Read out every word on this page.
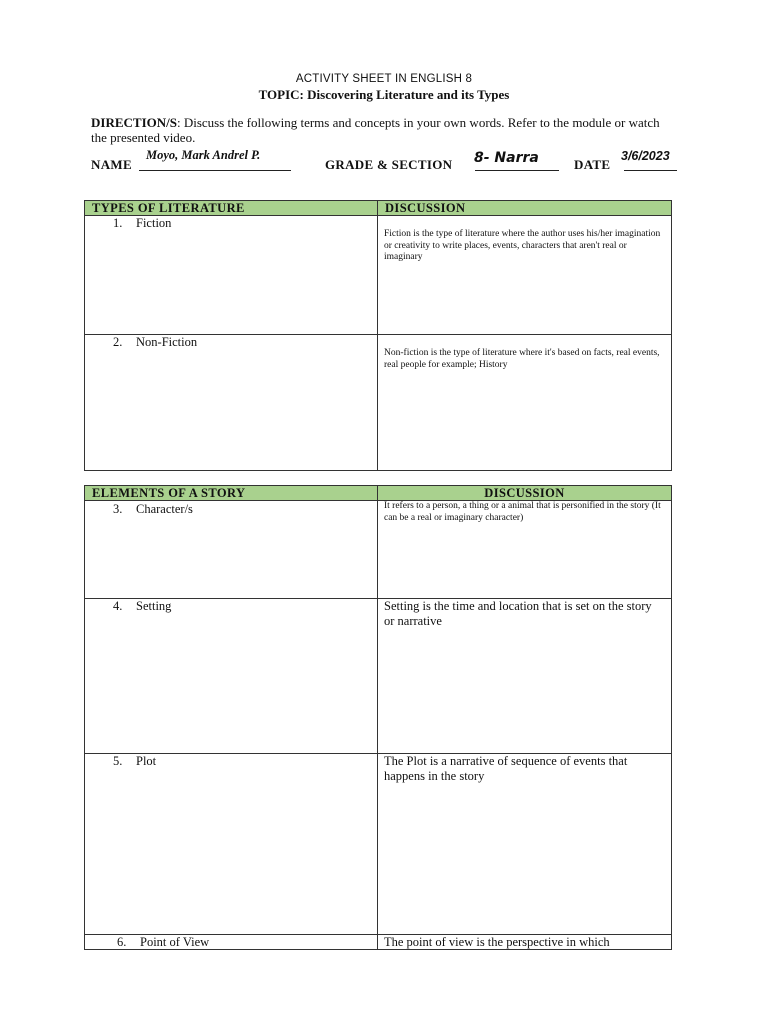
ACTIVITY SHEET IN ENGLISH 8
TOPIC: Discovering Literature and its Types
DIRECTION/S: Discuss the following terms and concepts in your own words. Refer to the module or watch the presented video.
NAME
Moyo, Mark Andrel P.
GRADE & SECTION 8- Narra	DATE
3/6/2023
TYPES OF LITERATURE	DISCUSSION

1. Fiction	Fiction is the type of literature where the author uses his/her imagination or creativity to write places, events, characters that aren't real or imaginary

2. Non-Fiction	Non-fiction is the type of literature where it's based on facts, real events, real people for example; History
ELEMENTS OF A STORY	DISCUSSION

3. Character/s	It refers to a person, a thing or a animal that is personified in the story (It can be a real or imaginary character)

4. Setting	Setting is the time and location that is set on the story or narrative

5. Plot	The Plot is a narrative of sequence of events that happens in the story

6. Point of View	The point of view is the perspective in which
